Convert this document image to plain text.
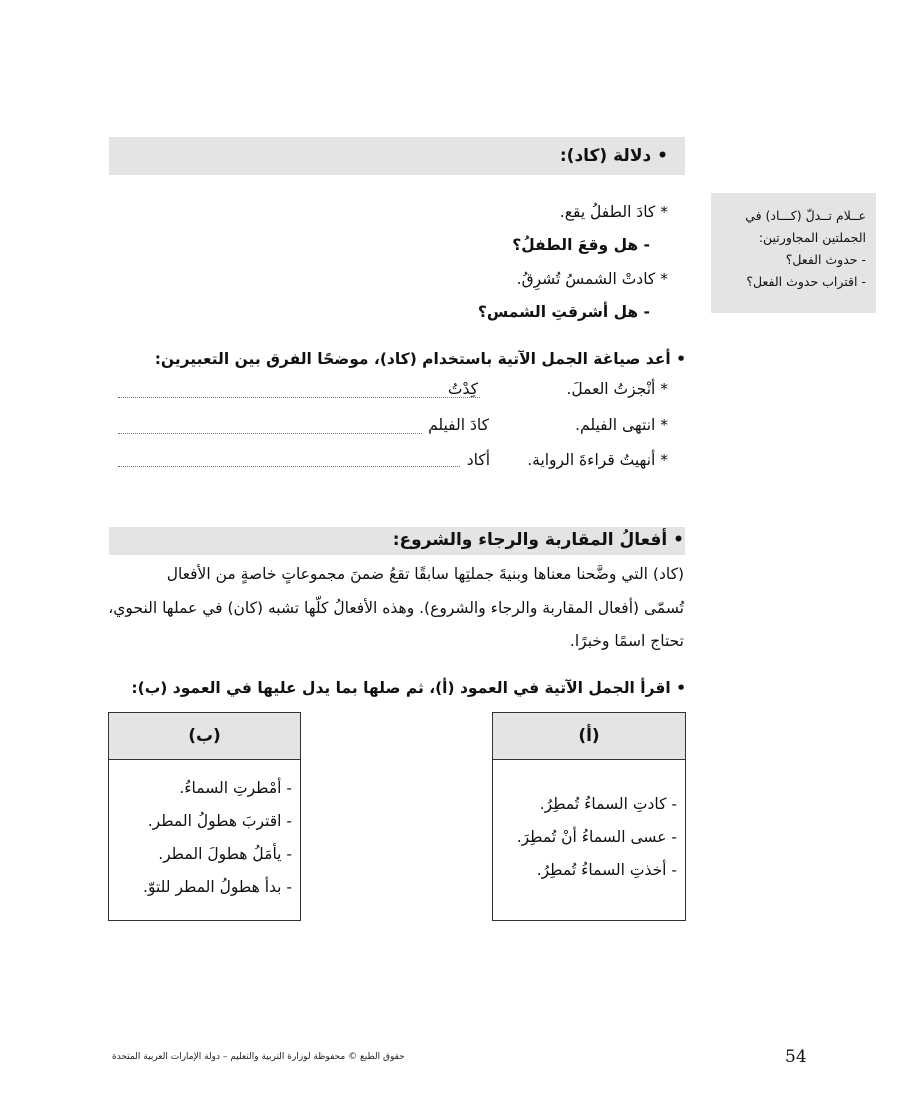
• دلالة (كاد):
عــلام تــدلّ (كـــاد) في
الجملتين المجاورتين:
- حدوث الفعل؟
- اقتراب حدوث الفعل؟
* كادَ الطفلُ يقع.
- هل وقعَ الطفلُ؟
* كادتْ الشمسُ تُشرِقُ.
- هل أشرقتِ الشمس؟
• أعد صياغة الجمل الآتية باستخدام (كاد)، موضحًا الفرق بين التعبيرين:
* أنْجزتُ العملَ.
كِدْتُ
* انتهى الفيلم.
كادَ الفيلم
* أنهيتُ قراءةَ الرواية.
أكاد
• أفعالُ المقاربة والرجاء والشروع:
(كاد) التي وضَّحنا معناها وبنيةَ جملتِها سابقًا تقعُ ضمنَ مجموعاتٍ خاصةٍ من الأفعال
تُسمّى (أفعال المقاربة والرجاء والشروع). وهذه الأفعالُ كلّها تشبه (كان) في عملها النحوي،
تحتاج اسمًا وخبرًا.
• اقرأ الجمل الآتية في العمود (أ)، ثم صلها بما يدل عليها في العمود (ب):
(ب)
- أمْطرتِ السماءُ.
- اقتربَ هطولُ المطر.
- يأمَلُ هطولَ المطر.
- بدأ هطولُ المطر للتوّ.
(أ)
- كادتِ السماءُ تُمطِرُ.
- عسى السماءُ أنْ تُمطِرَ.
- أخذتِ السماءُ تُمطِرُ.
حقوق الطبع © محفوظة لوزارة التربية والتعليم – دولة الإمارات العربية المتحدة	54
